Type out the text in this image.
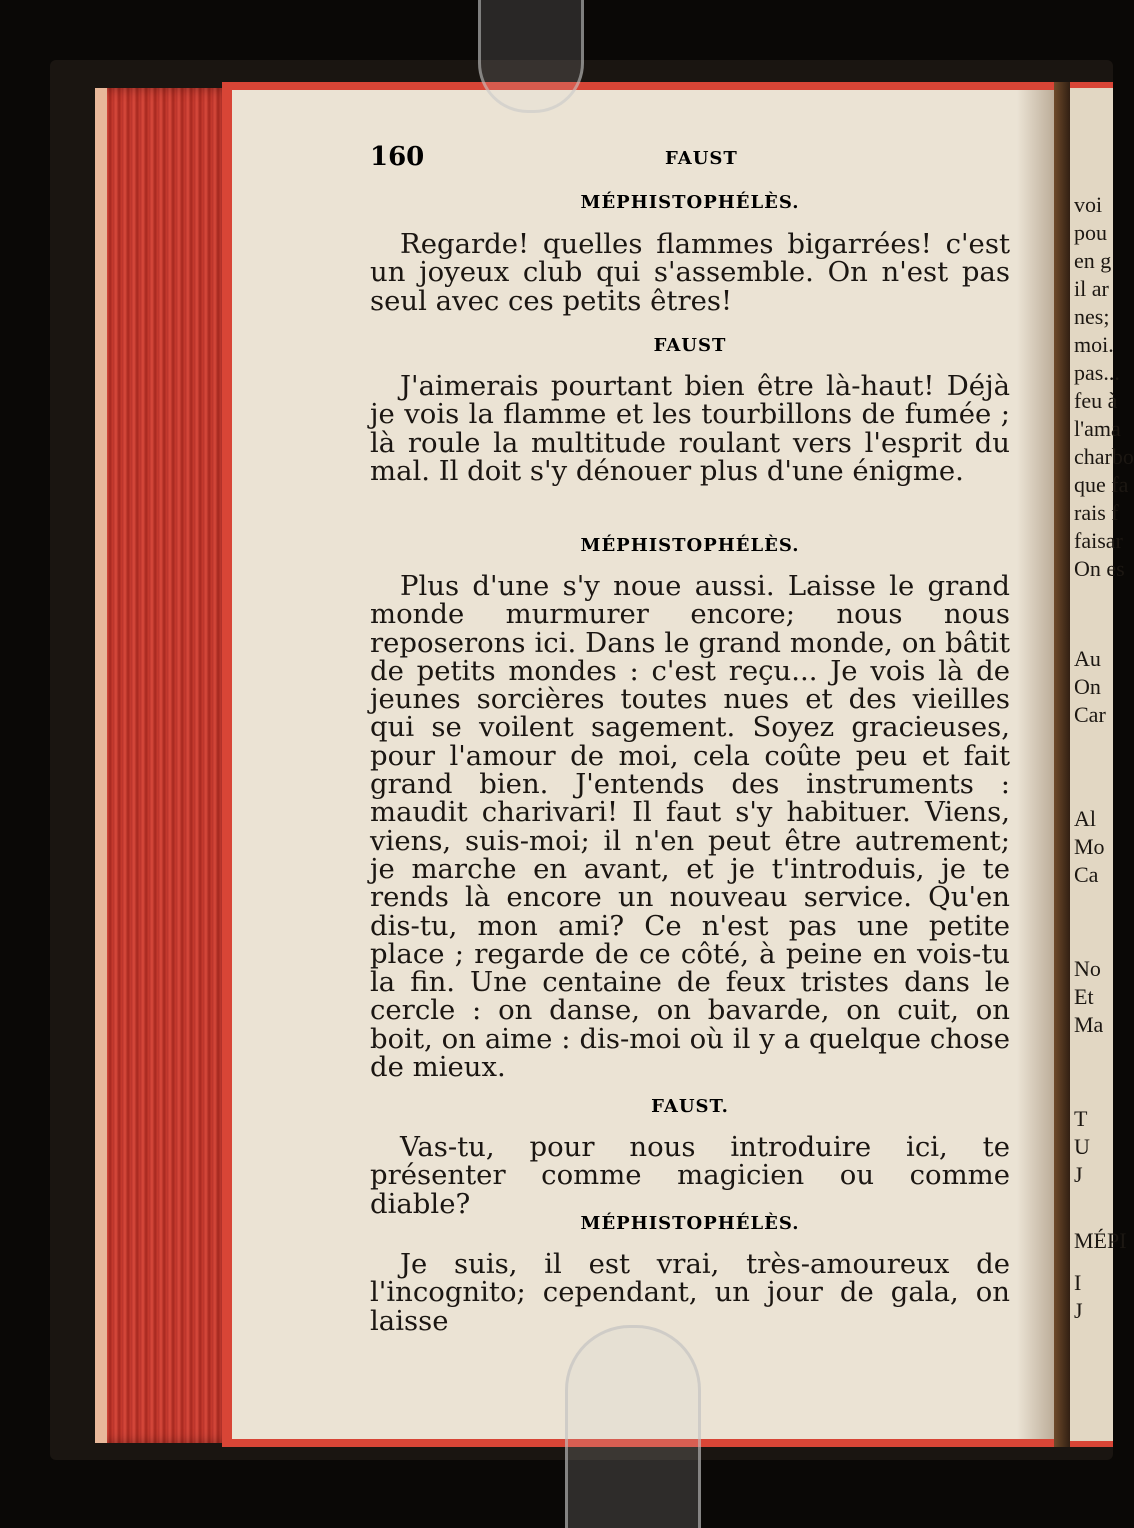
voi
pou
en g
il ar
nes;
moi.
pas...
feu à
l'ama
charbo
que fa
rais f
faisar
On es
Au
On
Car
Al
Mo
Ca
No
Et
Ma
T
U
J
MÉPI
I
J
160	FAUST
MÉPHISTOPHÉLÈS.
Regarde! quelles flammes bigarrées! c'est un joyeux club qui s'assemble. On n'est pas seul avec ces petits êtres!
FAUST
J'aimerais pourtant bien être là-haut! Déjà je vois la flamme et les tourbillons de fumée ; là roule la multitude roulant vers l'esprit du mal. Il doit s'y dénouer plus d'une énigme.
MÉPHISTOPHÉLÈS.
Plus d'une s'y noue aussi. Laisse le grand monde murmurer encore; nous nous reposerons ici. Dans le grand monde, on bâtit de petits mondes : c'est reçu... Je vois là de jeunes sorcières toutes nues et des vieilles qui se voilent sagement. Soyez gracieuses, pour l'amour de moi, cela coûte peu et fait grand bien. J'entends des instruments : maudit charivari! Il faut s'y habituer. Viens, viens, suis-moi; il n'en peut être autrement; je marche en avant, et je t'introduis, je te rends là encore un nouveau service. Qu'en dis-tu, mon ami? Ce n'est pas une petite place ; regarde de ce côté, à peine en vois-tu la fin. Une centaine de feux tristes dans le cercle : on danse, on bavarde, on cuit, on boit, on aime : dis-moi où il y a quelque chose de mieux.
FAUST.
Vas-tu, pour nous introduire ici, te présenter comme magicien ou comme diable?
MÉPHISTOPHÉLÈS.
Je suis, il est vrai, très-amoureux de l'incognito; cependant, un jour de gala, on laisse
